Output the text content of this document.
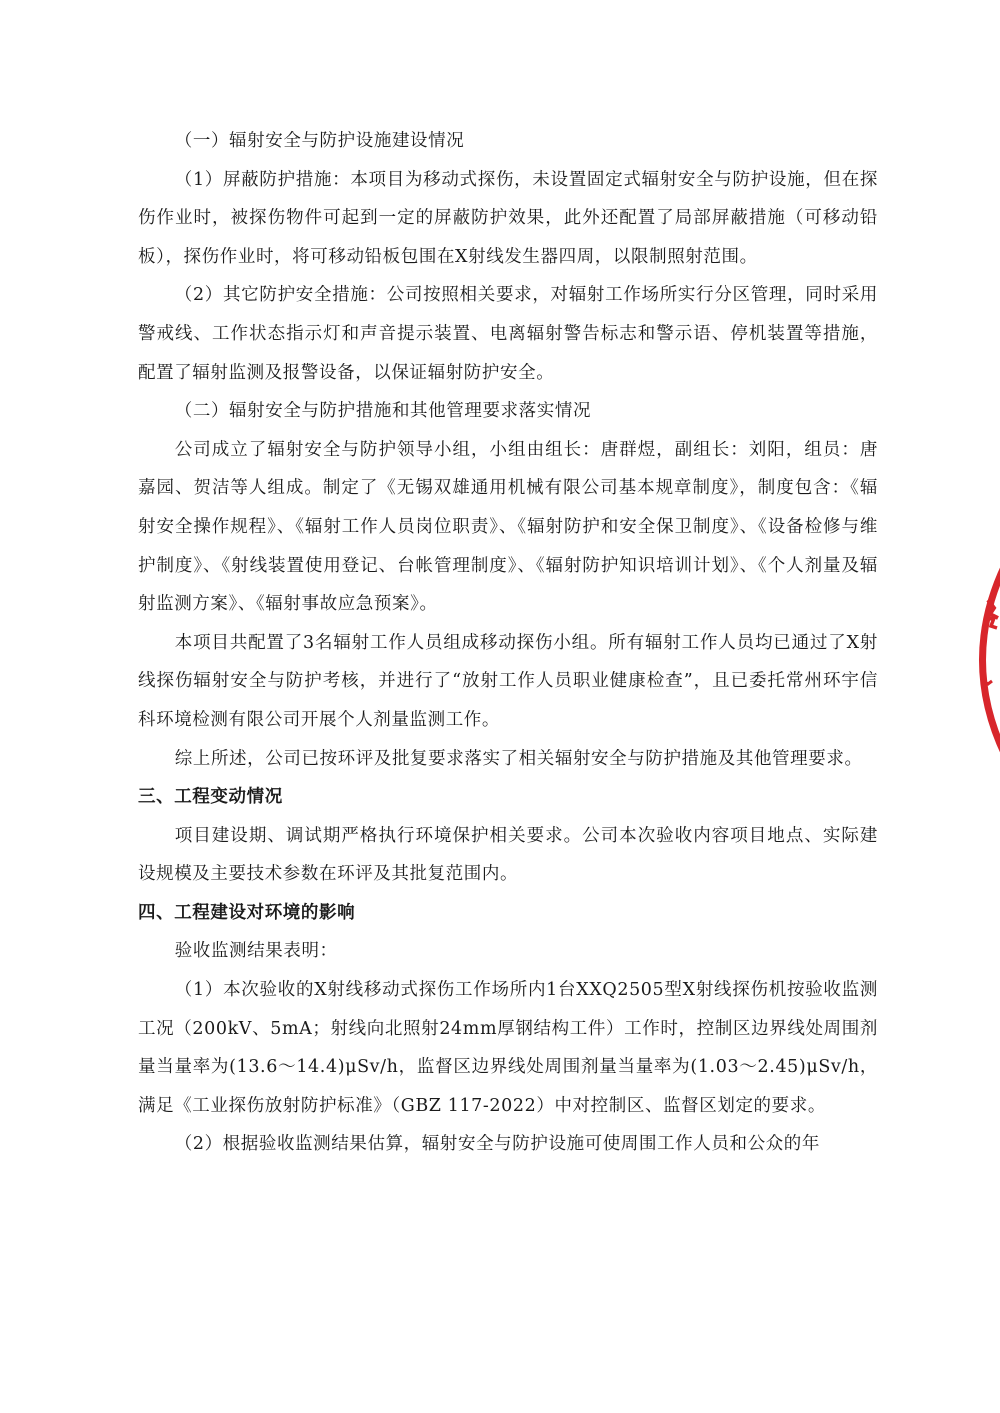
（一）辐射安全与防护设施建设情况

（1）屏蔽防护措施：本项目为移动式探伤，未设置固定式辐射安全与防护设施，但在探伤作业时，被探伤物件可起到一定的屏蔽防护效果，此外还配置了局部屏蔽措施（可移动铅板），探伤作业时，将可移动铅板包围在X射线发生器四周，以限制照射范围。

（2）其它防护安全措施：公司按照相关要求，对辐射工作场所实行分区管理，同时采用警戒线、工作状态指示灯和声音提示装置、电离辐射警告标志和警示语、停机装置等措施，配置了辐射监测及报警设备，以保证辐射防护安全。

（二）辐射安全与防护措施和其他管理要求落实情况

公司成立了辐射安全与防护领导小组，小组由组长：唐群煜，副组长：刘阳，组员：唐嘉园、贺洁等人组成。制定了《无锡双雄通用机械有限公司基本规章制度》，制度包含：《辐射安全操作规程》、《辐射工作人员岗位职责》、《辐射防护和安全保卫制度》、《设备检修与维护制度》、《射线装置使用登记、台帐管理制度》、《辐射防护知识培训计划》、《个人剂量及辐射监测方案》、《辐射事故应急预案》。

本项目共配置了3名辐射工作人员组成移动探伤小组。所有辐射工作人员均已通过了X射线探伤辐射安全与防护考核，并进行了“放射工作人员职业健康检查”，且已委托常州环宇信科环境检测有限公司开展个人剂量监测工作。

综上所述，公司已按环评及批复要求落实了相关辐射安全与防护措施及其他管理要求。

三、工程变动情况

项目建设期、调试期严格执行环境保护相关要求。公司本次验收内容项目地点、实际建设规模及主要技术参数在环评及其批复范围内。

四、工程建设对环境的影响

验收监测结果表明：

（1）本次验收的X射线移动式探伤工作场所内1台XXQ2505型X射线探伤机按验收监测工况（200kV、5mA；射线向北照射24mm厚钢结构工件）工作时，控制区边界线处周围剂量当量率为(13.6～14.4)μSv/h，监督区边界线处周围剂量当量率为(1.03～2.45)μSv/h，满足《工业探伤放射防护标准》（GBZ 117-2022）中对控制区、监督区划定的要求。

（2）根据验收监测结果估算，辐射安全与防护设施可使周围工作人员和公众的年
